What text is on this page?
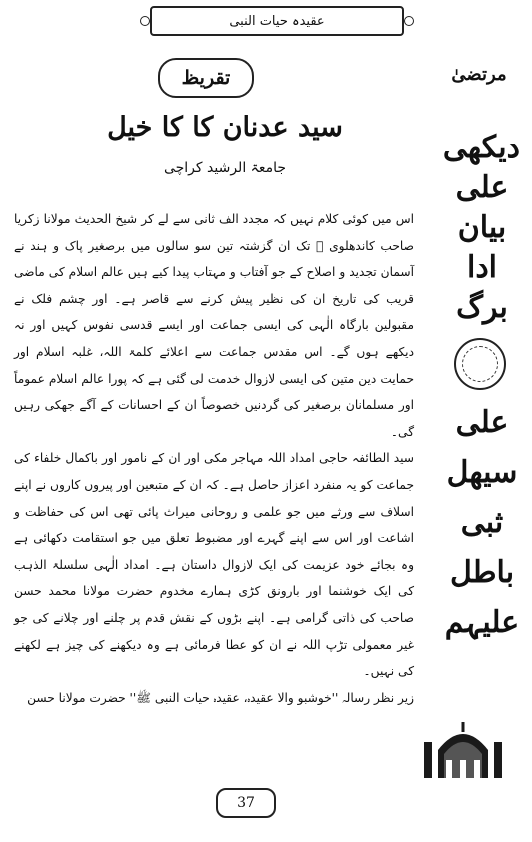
عقیدہ حیات النبی
تقریظ
سید عدنان کا کا خیل
جامعۃ الرشید کراچی

اس میں کوئی کلام نہیں کہ مجدد الف ثانی سے لے کر شیخ الحدیث مولانا زکریا صاحب کاندھلوی ﷫ تک ان گزشتہ تین سو سالوں میں برصغیر پاک و ہند نے آسمان تجدید و اصلاح کے جو آفتاب و مہتاب پیدا کیے ہیں عالم اسلام کی ماضی قریب کی تاریخ ان کی نظیر پیش کرنے سے قاصر ہے۔ اور چشم فلک نے مقبولین بارگاہ الٰہی کی ایسی جماعت اور ایسے قدسی نفوس کہیں اور نہ دیکھے ہوں گے۔ اس مقدس جماعت سے اعلائے کلمۃ اللہ، غلبہ اسلام اور حمایت دین متین کی ایسی لازوال خدمت لی گئی ہے کہ پورا عالم اسلام عموماً اور مسلمانان برصغیر کی گردنیں خصوصاً ان کے احسانات کے آگے جھکی رہیں گی۔

سید الطائفہ حاجی امداد اللہ مہاجر مکی اور ان کے نامور اور باکمال خلفاء کی جماعت کو یہ منفرد اعزاز حاصل ہے۔ کہ ان کے متبعین اور پیروں کاروں نے اپنے اسلاف سے ورثے میں جو علمی و روحانی میراث پائی تھی اس کی حفاظت و اشاعت اور اس سے اپنے گہرے اور مضبوط تعلق میں جو استقامت دکھائی ہے وہ بجائے خود عزیمت کی ایک لازوال داستان ہے۔ امداد الٰہی سلسلۃ الذہب کی ایک خوشنما اور بارونق کڑی ہمارے مخدوم حضرت مولانا محمد حسن صاحب کی ذاتی گرامی ہے۔ اپنے بڑوں کے نقش قدم پر چلنے اور چلانے کی جو غیر معمولی تڑپ اللہ نے ان کو عطا فرمائی ہے وہ دیکھنے کی چیز ہے لکھنے کی نہیں۔

زیر نظر رسالہ ''خوشبو والا عقیدہ، عقیدہ حیات النبی ﷺ'' حضرت مولانا حسن

مرتضیٰ
دیکھی
علی
بیان
ادا
برگ
علی
سیھل
ثبی
باطل
علیہم
37
